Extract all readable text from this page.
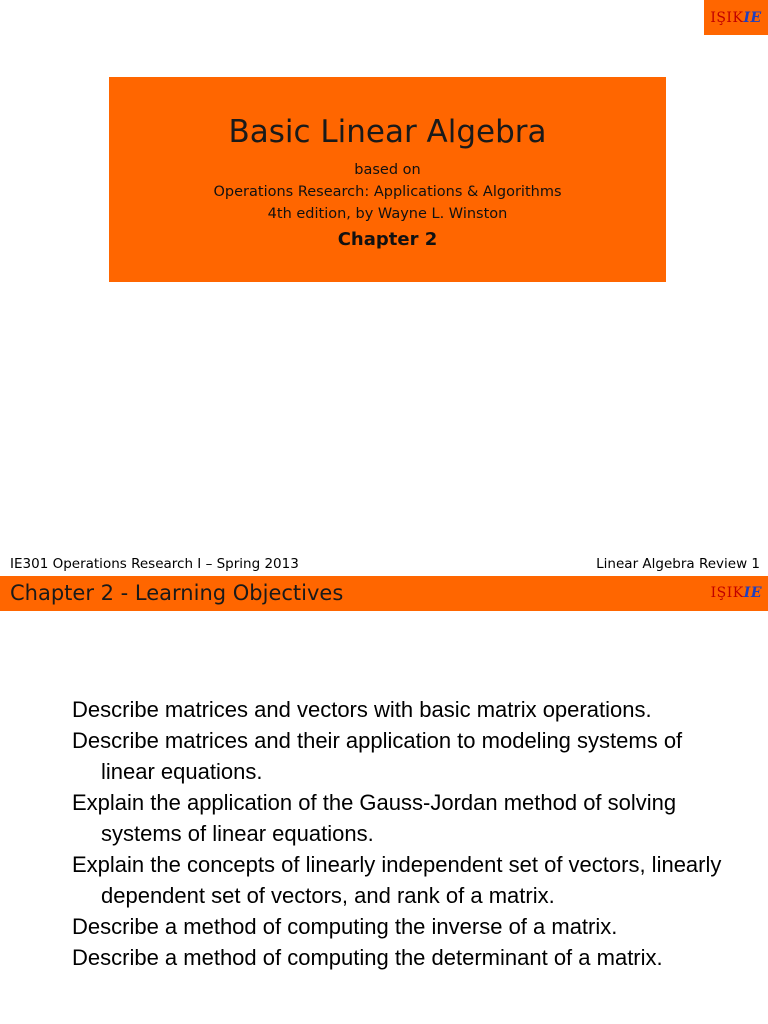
IŞIK IE
Basic Linear Algebra
based on
Operations Research: Applications & Algorithms
4th edition, by Wayne L. Winston
Chapter 2
IE301 Operations Research I – Spring 2013	Linear Algebra Review 1
Chapter 2 - Learning Objectives	IŞIKIE
Describe matrices and vectors with basic matrix operations.
Describe matrices and their application to modeling systems of linear equations.
Explain the application of the Gauss-Jordan method of solving systems of linear equations.
Explain the concepts of linearly independent set of vectors, linearly dependent set of vectors, and rank of a matrix.
Describe a method of computing the inverse of a matrix.
Describe a method of computing the determinant of a matrix.
